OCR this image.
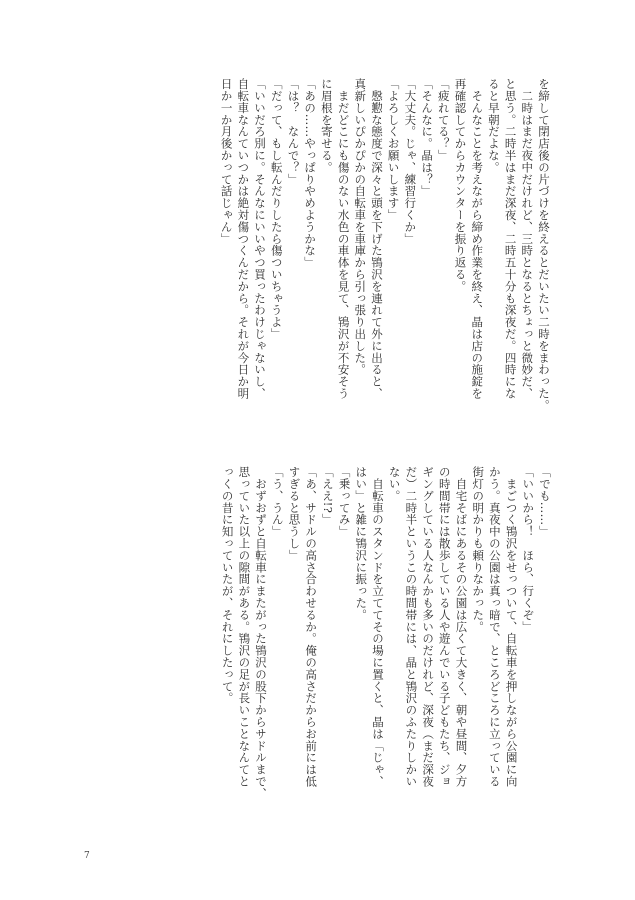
を締して閉店後の片づけを終えるとだいたい二時をまわった。

　二時はまだ夜中だけれど、三時となるとちょっと微妙だ、

と思う。二時半はまだ深夜、二時五十分も深夜だ。四時にな

ると早朝だよな。

　そんなことを考えながら締め作業を終え、晶は店の施錠を

再確認してからカウンターを振り返る。

「疲れてる？」

「そんなに。晶は？」

「大丈夫。じゃ、練習行くか」

「よろしくお願いします」

　慇懃な態度で深々と頭を下げた鴇沢を連れて外に出ると、

真新しいぴかぴかの自転車を車庫から引っ張り出した。

　まだどこにも傷のない水色の車体を見て、鴇沢が不安そう

に眉根を寄せる。

「あの……やっぱりやめようかな」

「は？　なんで？」

「だって、もし転んだりしたら傷ついちゃうよ」

「いいだろ別に。そんなにいいやつ買ったわけじゃないし、

自転車なんていつかは絶対傷つくんだから。それが今日か明

日か一か月後かって話じゃん」

「でも……」

「いいから！　ほら、行くぞ」

　まごつく鴇沢をせっついて、自転車を押しながら公園に向

かう。真夜中の公園は真っ暗で、ところどころに立っている

街灯の明かりも頼りなかった。

　自宅そばにあるその公園は広くて大きく、朝や昼間、夕方

の時間帯には散歩している人や遊んでいる子どもたち、ジョ

ギングしている人なんかも多いのだけれど、深夜（まだ深夜

だ）二時半というこの時間帯には、晶と鴇沢のふたりしかい

ない。

　自転車のスタンドを立ててその場に置くと、晶は「じゃ、

はい」と雑に鴇沢に振った。

「乗ってみ」

「ええ!?」

「あ、サドルの高さ合わせるか。俺の高さだからお前には低

すぎると思うし」

「う、うん」

　おずおずと自転車にまたがった鴇沢の股下からサドルまで、

思っていた以上の隙間がある。鴇沢の足が長いことなんてと

っくの昔に知っていたが、それにしたって。

7
